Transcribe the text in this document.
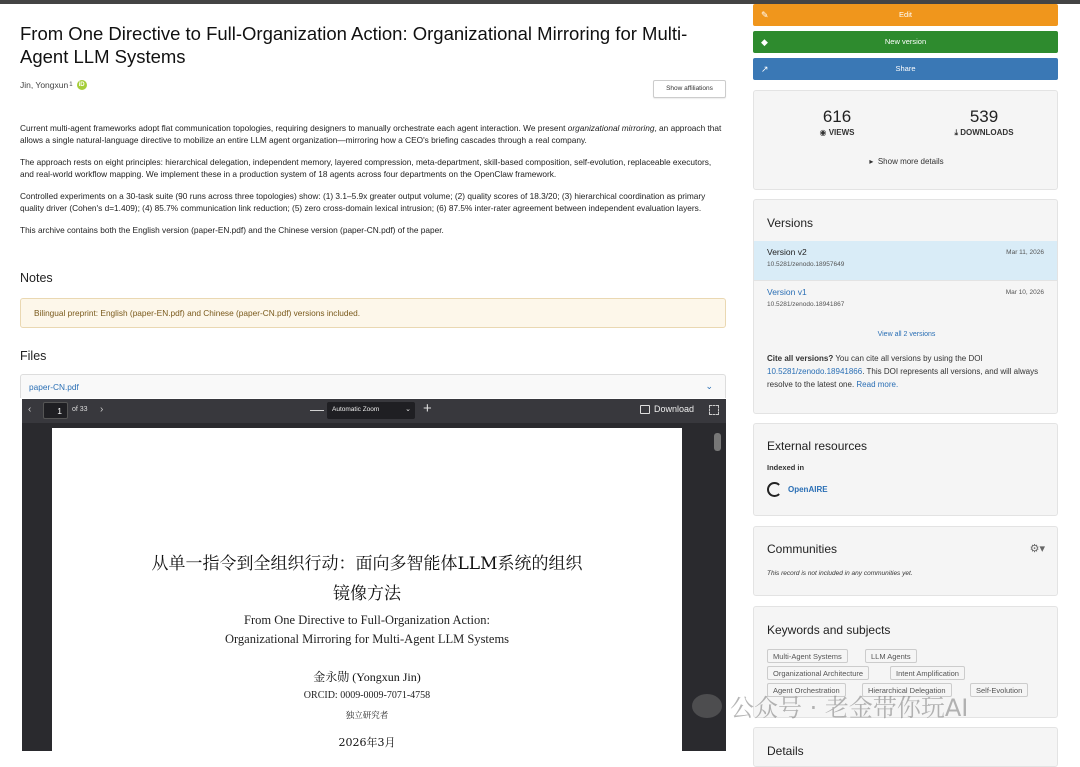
From One Directive to Full-Organization Action: Organizational Mirroring for Multi-Agent LLM Systems
Jin, Yongxun 1	iD	Show affiliations

Current multi-agent frameworks adopt flat communication topologies, requiring designers to manually orchestrate each agent interaction. We present organizational mirroring, an approach that allows a single natural-language directive to mobilize an entire LLM agent organization—mirroring how a CEO's briefing cascades through a real company.

The approach rests on eight principles: hierarchical delegation, independent memory, layered compression, meta-department, skill-based composition, self-evolution, replaceable executors, and real-world workflow mapping. We implement these in a production system of 18 agents across four departments on the OpenClaw framework.

Controlled experiments on a 30-task suite (90 runs across three topologies) show: (1) 3.1–5.9x greater output volume; (2) quality scores of 18.3/20; (3) hierarchical coordination as primary quality driver (Cohen's d=1.409); (4) 85.7% communication link reduction; (5) zero cross-domain lexical intrusion; (6) 87.5% inter-rater agreement between independent evaluation layers.

This archive contains both the English version (paper-EN.pdf) and the Chinese version (paper-CN.pdf) of the paper.

Notes
Bilingual preprint: English (paper-EN.pdf) and Chinese (paper-CN.pdf) versions included.
Files
paper-CN.pdf	⌄
‹	1	of 33 ›	—	Automatic Zoom	⌄ +	Download
从单一指令到全组织行动：面向多智能体LLM系统的组织
镜像方法
From One Directive to Full-Organization Action:
Organizational Mirroring for Multi-Agent LLM Systems
金永勋 (Yongxun Jin)
ORCID: 0009-0009-7071-4758
独立研究者
2026年3月
✎	Edit
◆	New version
↗	Share
616
◉ VIEWS
539
⤓ DOWNLOADS
▸ Show more details
Versions
Version v2	Mar 11, 2026
10.5281/zenodo.18957649
Version v1	Mar 10, 2026
10.5281/zenodo.18941867
View all 2 versions
Cite all versions? You can cite all versions by using the DOI 10.5281/zenodo.18941866. This DOI represents all versions, and will always resolve to the latest one. Read more.
External resources
Indexed in
OpenAIRE
Communities	⚙▾
This record is not included in any communities yet.
Keywords and subjects
Multi-Agent Systems	LLM Agents
Organizational Architecture	Intent Amplification
Agent Orchestration	Hierarchical Delegation	Self-Evolution
Details
公众号 · 老金带你玩AI
